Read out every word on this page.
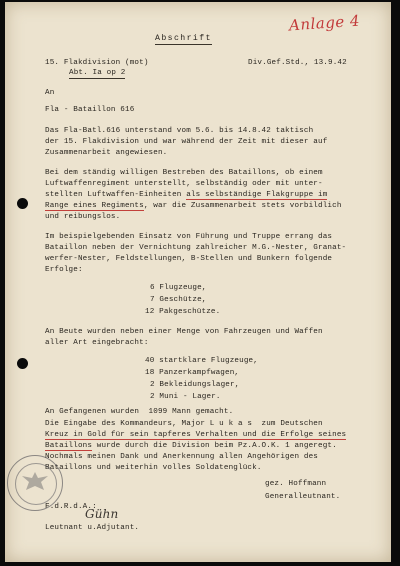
Anlage 4
Abschrift
15. Flakdivision (mot)	Div.Gef.Std., 13.9.42
Abt. Ia op 2
An
Fla - Bataillon 616
Das Fla-Batl.616 unterstand vom 5.6. bis 14.8.42 taktisch
der 15. Flakdivision und war während der Zeit mit dieser auf
Zusammenarbeit angewiesen.
Bei dem ständig willigen Bestreben des Bataillons, ob einem
Luftwaffenregiment unterstellt, selbständig oder mit unter-
stellten Luftwaffen-Einheiten als selbständige Flakgruppe im
Range eines Regiments, war die Zusammenarbeit stets vorbildlich
und reibungslos.
Im beispielgebenden Einsatz von Führung und Truppe errang das
Bataillon neben der Vernichtung zahlreicher M.G.-Nester, Granat-
werfer-Nester, Feldstellungen, B-Stellen und Bunkern folgende
Erfolge:
6 Flugzeuge,
7 Geschütze,
12 Pakgeschütze.
An Beute wurden neben einer Menge von Fahrzeugen und Waffen
aller Art eingebracht:
40 startklare Flugzeuge,
18 Panzerkampfwagen,
2 Bekleidungslager,
2 Muni - Lager.
An Gefangenen wurden  1099 Mann gemacht.
Die Eingabe des Kommandeurs, Major L u k a s  zum Deutschen
Kreuz in Gold für sein tapferes Verhalten und die Erfolge seines
Bataillons wurde durch die Division beim Pz.A.O.K. 1 angeregt.
Nochmals meinen Dank und Anerkennung allen Angehörigen des
Bataillons und weiterhin volles Soldatenglück.
gez. Hoffmann
Generalleutnant.
F.d.R.d.A.:
Gühn
Leutnant u.Adjutant.
